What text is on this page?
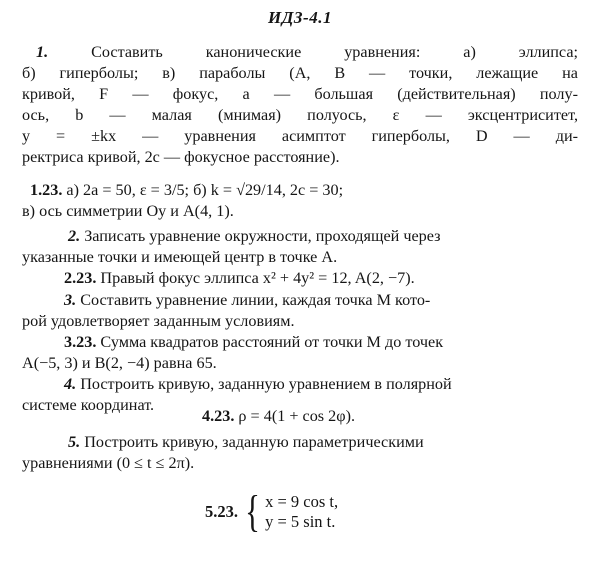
ИДЗ-4.1
1.	Составить канонические уравнения: а) эллипса;
б) гиперболы; в) параболы (A, B — точки, лежащие на
кривой, F — фокус, a — большая (действительная) полу-
ось, b — малая (мнимая) полуось, ε — эксцентриситет,
y = ±kx — уравнения асимптот гиперболы, D — ди-
ректриса кривой, 2c — фокусное расстояние).
1.23. а) 2a = 50, ε = 3/5; б) k = √29/14, 2c = 30;
в) ось симметрии Oy и A(4, 1).
2. Записать уравнение окружности, проходящей через
указанные точки и имеющей центр в точке A.
2.23. Правый фокус эллипса x² + 4y² = 12, A(2, −7).
3. Составить уравнение линии, каждая точка M кото-
рой удовлетворяет заданным условиям.
3.23. Сумма квадратов расстояний от точки M до точек
A(−5, 3) и B(2, −4) равна 65.
4. Построить кривую, заданную уравнением в полярной
системе координат.
4.23. ρ = 4(1 + cos 2φ).
5. Построить кривую, заданную параметрическими
уравнениями (0 ≤ t ≤ 2π).
5.23. { x = 9 cos t,
y = 5 sin t.
